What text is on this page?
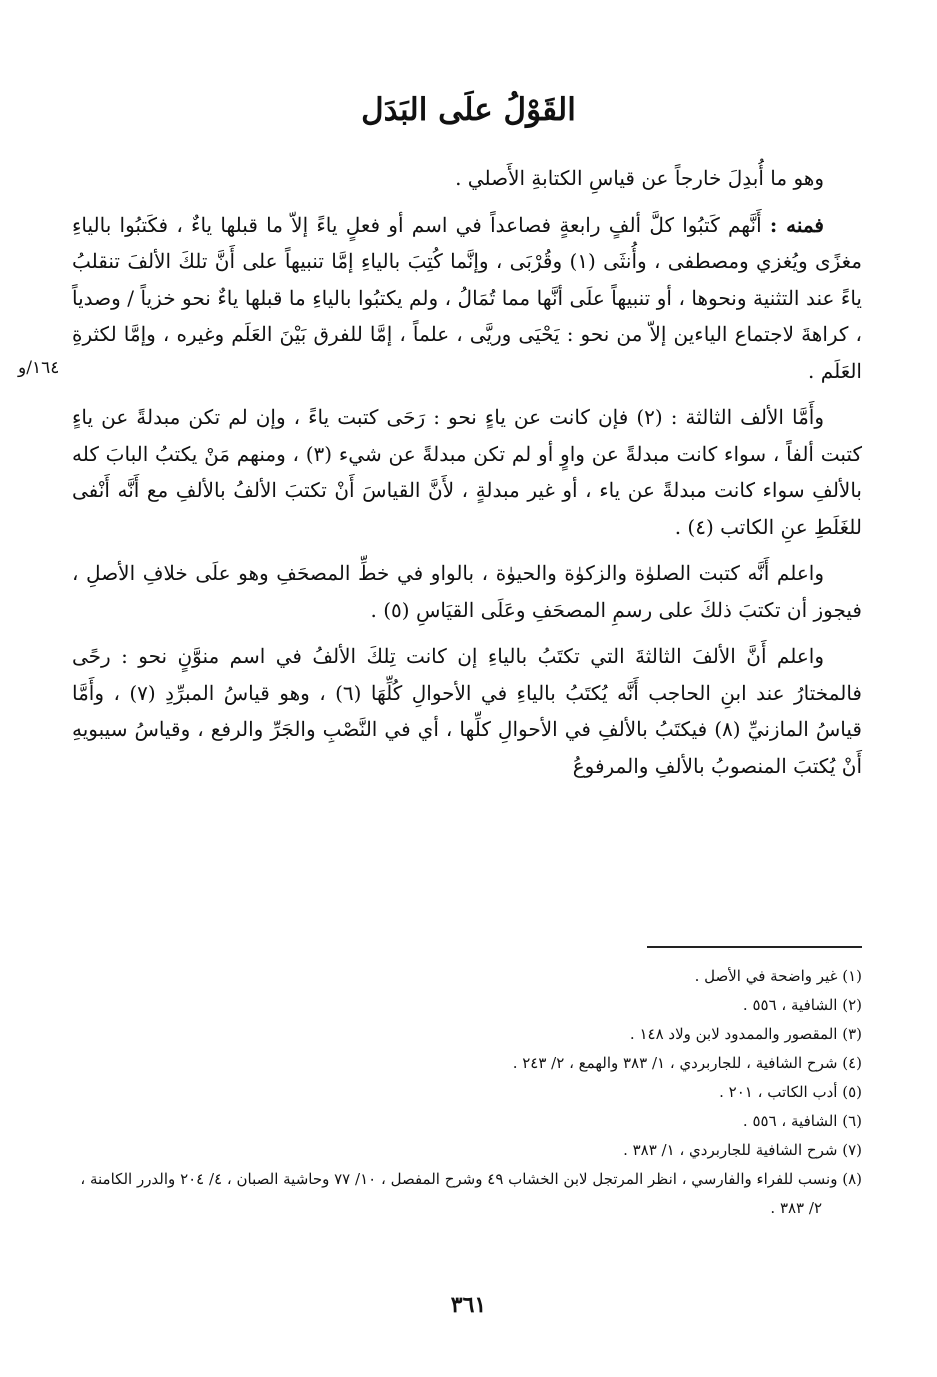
القَوْلُ علَى البَدَل

وهو ما أُبدِلَ خارجاً عن قياسِ الكتابةِ الأَصلي .

فمنه : أَنَّهم كَتبُوا كلَّ ألفٍ رابعةٍ فصاعداً في اسم أو فعلٍ ياءً إلاّ ما قبلها ياءٌ ، فكَتبُوا بالياءِ مغزًى ويُغزي ومصطفى ، وأُنثَى (١) وقُرْبَى ، وإنَّما كُتِبَ بالياءِ إمَّا تنبيهاً على أَنَّ تلكَ الألفَ تنقلبُ ياءً عند التثنية ونحوها ، أو تنبيهاً علَى أنَّها مما تُمَالُ ، ولم يكتبُوا بالياءِ ما قبلها ياءٌ نحو خزياً / وصدياً ، كراهةَ لاجتماع الياءين إلاّ من نحو : يَحْيَى وريَّى ، علماً ، إمَّا للفرق بَيْنَ العَلَم وغيره ، وإمَّا لكثرةِ العَلَم .

وأَمَّا الألف الثالثة : (٢) فإن كانت عن ياءٍ نحو : رَحَى كتبت ياءً ، وإن لم تكن مبدلةً عن ياءٍ كتبت ألفاً ، سواء كانت مبدلةً عن واوٍ أو لم تكن مبدلةً عن شيء (٣) ، ومنهم مَنْ يكتبُ البابَ كله بالألفِ سواء كانت مبدلةً عن ياء ، أو غير مبدلةٍ ، لأَنَّ القياسَ أَنْ تكتبَ الألفُ بالألفِ مع أَنَّه أَنْفى للغَلَطِ عنِ الكاتب (٤) .

واعلم أَنَّه كتبت الصلوٰة والزكوٰة والحيوٰة ، بالواو في خطِّ المصحَفِ وهو علَى خلافِ الأصلِ ، فيجوز أن تكتبَ ذلكَ على رسمِ المصحَفِ وعَلَى القيَاسِ (٥) .

واعلم أَنَّ الألفَ الثالثةَ التي تكتَبُ بالياءِ إن كانت تِلكَ الألفُ في اسم منوَّنٍ نحو : رحًى فالمختارُ عند ابنِ الحاجب أَنَّه يُكتَبُ بالياءِ في الأحوالِ كُلِّهَا (٦) ، وهو قياسُ المبرِّدِ (٧) ، وأَمَّا قياسُ المازنيِّ (٨) فيكتَبُ بالألفِ في الأحوالِ كلِّها ، أي في النَّصْبِ والجَرِّ والرفع ، وقياسُ سيبويهِ أَنْ يُكتبَ المنصوبُ بالألفِ والمرفوعُ

١٦٤/و
(١) غير واضحة في الأصل .
(٢) الشافية ، ٥٥٦ .
(٣) المقصور والممدود لابن ولاد ١٤٨ .
(٤) شرح الشافية ، للجاربردي ، ١/ ٣٨٣ والهمع ، ٢/ ٢٤٣ .
(٥) أدب الكاتب ، ٢٠١ .
(٦) الشافية ، ٥٥٦ .
(٧) شرح الشافية للجاربردي ، ١/ ٣٨٣ .
(٨) ونسب للفراء والفارسي ، انظر المرتجل لابن الخشاب ٤٩ وشرح المفصل ، ١٠/ ٧٧ وحاشية الصبان ، ٤/ ٢٠٤ والدرر الكامنة ، ٢/ ٣٨٣ .
٣٦١
